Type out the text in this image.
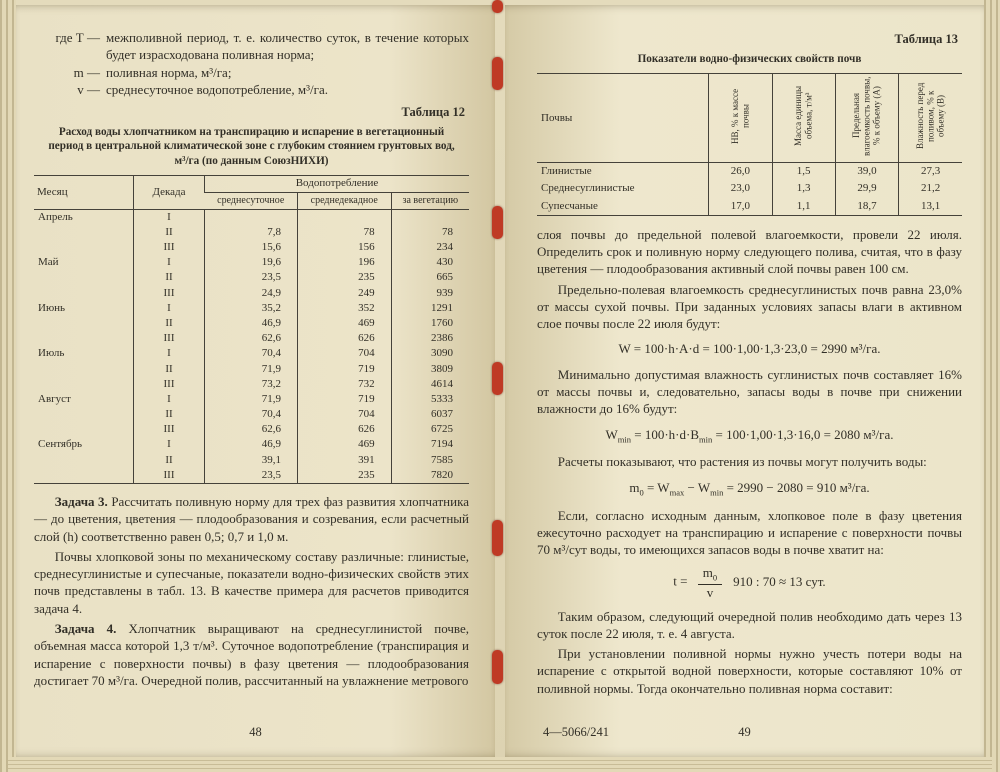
где Т — межполивной период, т. е. количество суток, в течение которых будет израсходована поливная норма;
m — поливная норма, м³/га;
v — среднесуточное водопотребление, м³/га.
Таблица 12
Расход воды хлопчатником на транспирацию и испарение в вегетационный период в центральной климатической зоне с глубоким стоянием грунтовых вод, м³/га (по данным СоюзНИХИ)
Месяц	Декада	Водопотребление		
		среднесуточное	среднедекадное	за вегетацию
Апрель	I			
	II	7,8	78	78
	III	15,6	156	234
Май	I	19,6	196	430
	II	23,5	235	665
	III	24,9	249	939
Июнь	I	35,2	352	1291
	II	46,9	469	1760
	III	62,6	626	2386
Июль	I	70,4	704	3090
	II	71,9	719	3809
	III	73,2	732	4614
Август	I	71,9	719	5333
	II	70,4	704	6037
	III	62,6	626	6725
Сентябрь	I	46,9	469	7194
	II	39,1	391	7585
	III	23,5	235	7820

Задача 3. Рассчитать поливную норму для трех фаз развития хлопчатника — до цветения, цветения — плодообразования и созревания, если расчетный слой (h) соответственно равен 0,5; 0,7 и 1,0 м.

Почвы хлопковой зоны по механическому составу различные: глинистые, среднесуглинистые и супесчаные, показатели водно-физических свойств этих почв представлены в табл. 13. В качестве примера для расчетов приводится задача 4.

Задача 4. Хлопчатник выращивают на среднесуглинистой почве, объемная масса которой 1,3 т/м³. Суточное водопотребление (транспирация и испарение с поверхности почвы) в фазу цветения — плодообразования достигает 70 м³/га. Очередной полив, рассчитанный на увлажнение метрового

48
Таблица 13
Показатели водно-физических свойств почв
Почвы	НВ, % к массе почвы	Масса единицы объема, т/м³	Предельная влагоемкость почвы, % к объему (А)	Влажность перед поливом, % к объему (В)
Глинистые	26,0	1,5	39,0	27,3
Среднесуглинистые	23,0	1,3	29,9	21,2
Супесчаные	17,0	1,1	18,7	13,1

слоя почвы до предельной полевой влагоемкости, провели 22 июля. Определить срок и поливную норму следующего полива, считая, что в фазу цветения — плодообразования активный слой почвы равен 100 см.

Предельно-полевая влагоемкость среднесуглинистых почв равна 23,0% от массы сухой почвы. При заданных условиях запасы влаги в активном слое почвы после 22 июля будут:

W = 100·h·A·d = 100·1,00·1,3·23,0 = 2990 м³/га.

Минимально допустимая влажность суглинистых почв составляет 16% от массы почвы и, следовательно, запасы воды в почве при снижении влажности до 16% будут:

$W_{min} = 100\cdot h\cdot d\cdot B_{min} = 100\cdot 1,00\cdot 1,3\cdot 16,0 = 2080$ м³/га.

Расчеты показывают, что растения из почвы могут получить воды:

$m_0 = W_{max} - W_{min} = 2990 - 2080 = 910$ м³/га.

Если, согласно исходным данным, хлопковое поле в фазу цветения ежесуточно расходует на транспирацию и испарение с поверхности почвы 70 м³/сут воды, то имеющихся запасов воды в почве хватит на:

$t = \frac{m_0}{v} 910$ : 70 ≈ 13 сут.

Таким образом, следующий очередной полив необходимо дать через 13 суток после 22 июля, т. е. 4 августа.

При установлении поливной нормы нужно учесть потери воды на испарение с открытой водной поверхности, которые составляют 10% от поливной нормы. Тогда окончательно поливная норма составит:

4—5066/241	49
